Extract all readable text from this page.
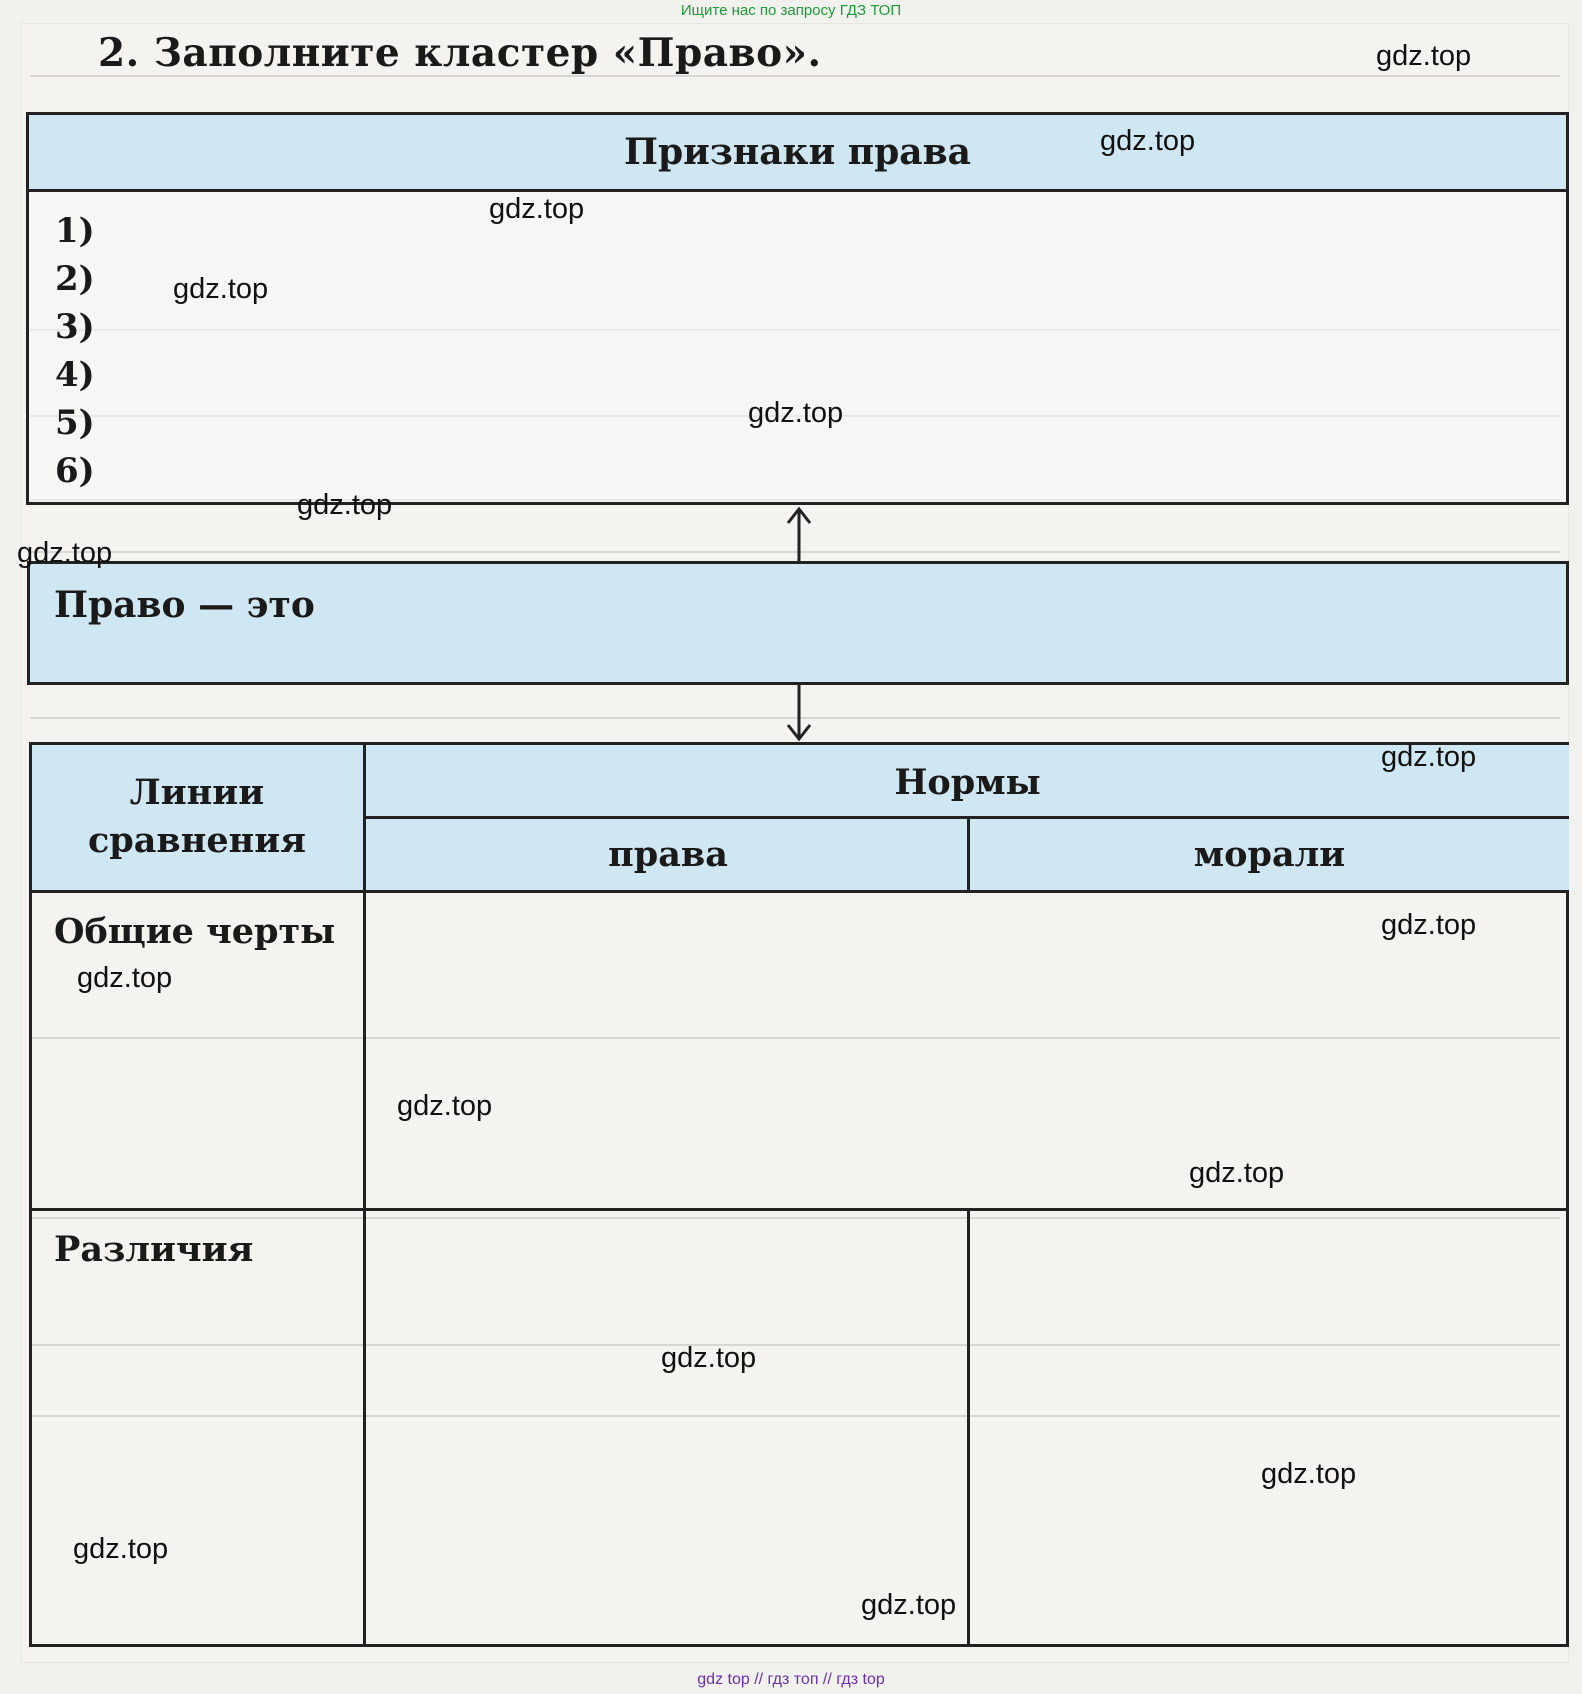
Ищите нас по запросу ГДЗ ТОП
2. Заполните кластер «Право».
Признаки права
1)
2)
3)
4)
5)
6)
Право — это
Линии сравнения
Нормы
права	морали
Общие черты
Различия
gdz.top
gdz.top
gdz.top
gdz.top
gdz.top
gdz.top
gdz.top
gdz.top
gdz.top
gdz.top
gdz.top
gdz.top
gdz.top
gdz.top
gdz.top
gdz.top
gdz top // гдз топ // гдз top
